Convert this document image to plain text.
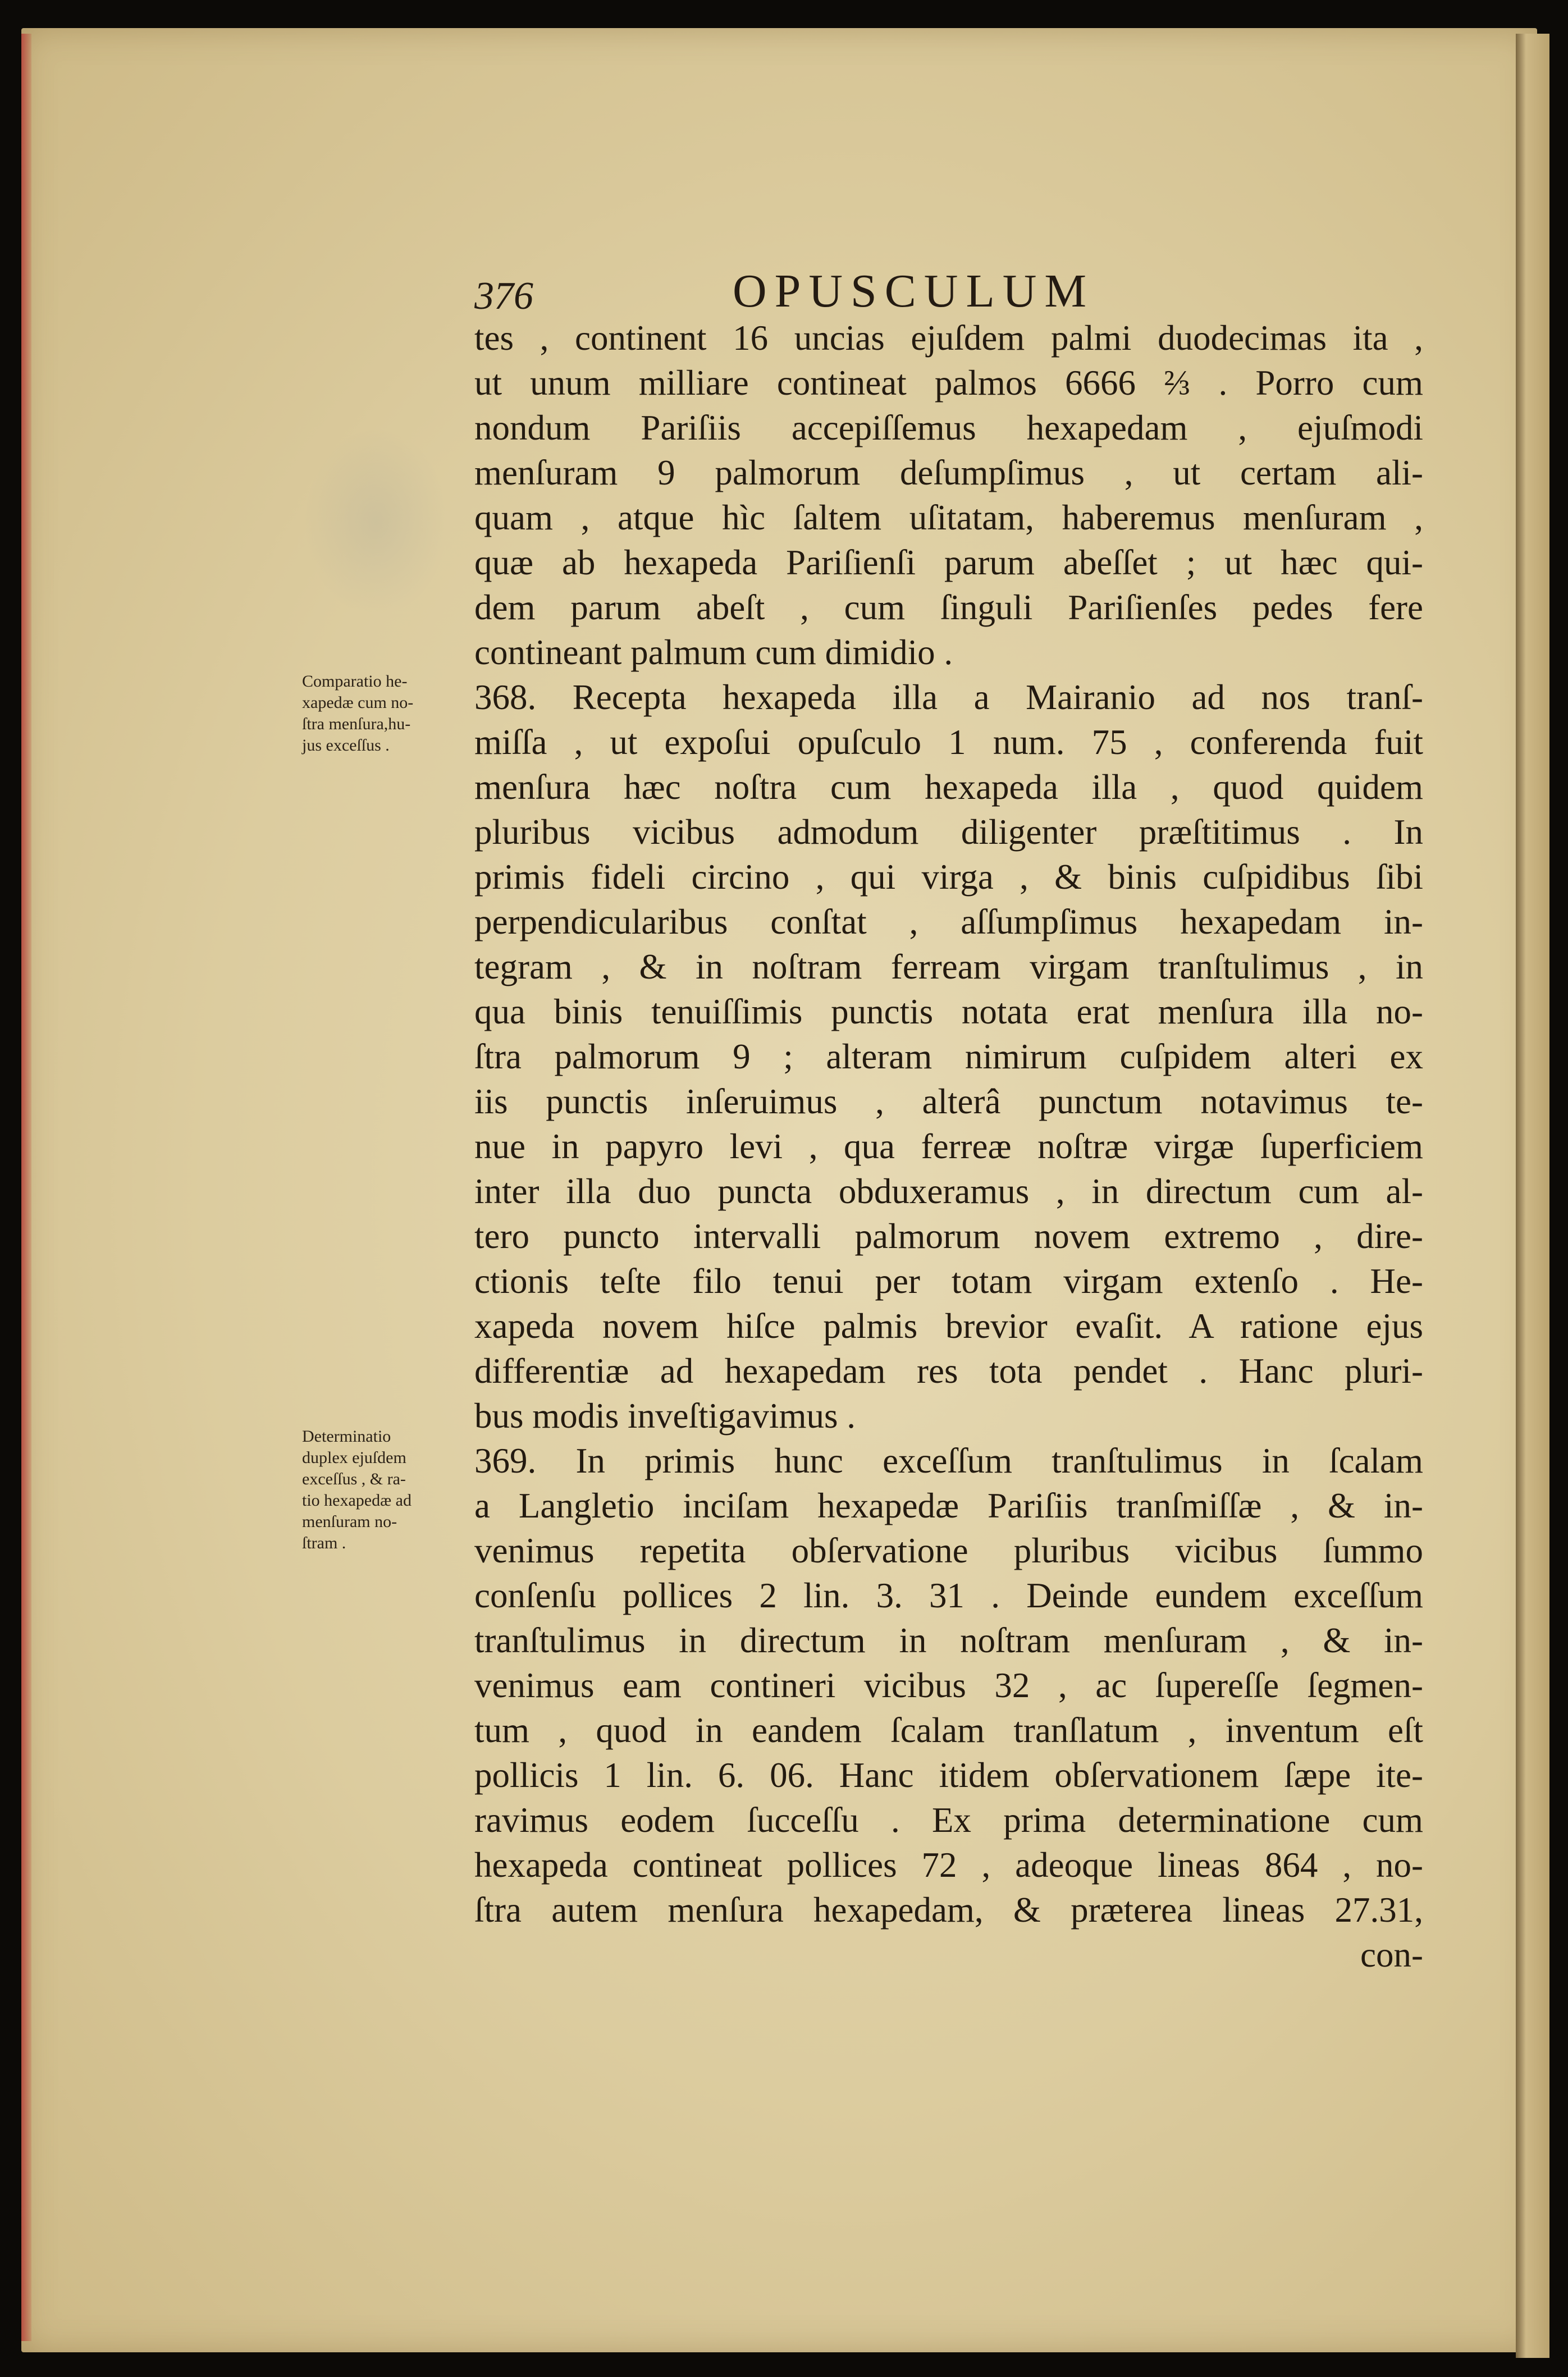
376	OPUSCULUM
tes , continent 16 uncias ejuſdem palmi duodecimas ita ,
ut unum milliare contineat palmos 6666 ⅔ . Porro cum
nondum Pariſiis accepiſſemus hexapedam , ejuſmodi
menſuram 9 palmorum deſumpſimus , ut certam ali-
quam , atque hìc ſaltem uſitatam, haberemus menſuram ,
quæ ab hexapeda Pariſienſi parum abeſſet ; ut hæc qui-
dem parum abeſt , cum ſinguli Pariſienſes pedes fere
contineant palmum cum dimidio .
368. Recepta hexapeda illa a Mairanio ad nos tranſ-
miſſa , ut expoſui opuſculo 1 num. 75 , conferenda fuit
menſura hæc noſtra cum hexapeda illa , quod quidem
pluribus vicibus admodum diligenter præſtitimus . In
primis fideli circino , qui virga , & binis cuſpidibus ſibi
perpendicularibus conſtat , aſſumpſimus hexapedam in-
tegram , & in noſtram ferream virgam tranſtulimus , in
qua binis tenuiſſimis punctis notata erat menſura illa no-
ſtra palmorum 9 ; alteram nimirum cuſpidem alteri ex
iis punctis inſeruimus , alterâ punctum notavimus te-
nue in papyro levi , qua ferreæ noſtræ virgæ ſuperficiem
inter illa duo puncta obduxeramus , in directum cum al-
tero puncto intervalli palmorum novem extremo , dire-
ctionis teſte filo tenui per totam virgam extenſo . He-
xapeda novem hiſce palmis brevior evaſit. A ratione ejus
differentiæ ad hexapedam res tota pendet . Hanc pluri-
bus modis inveſtigavimus .
369. In primis hunc exceſſum tranſtulimus in ſcalam
a Langletio inciſam hexapedæ Pariſiis tranſmiſſæ , & in-
venimus repetita obſervatione pluribus vicibus ſummo
conſenſu pollices 2 lin. 3. 31 . Deinde eundem exceſſum
tranſtulimus in directum in noſtram menſuram , & in-
venimus eam contineri vicibus 32 , ac ſupereſſe ſegmen-
tum , quod in eandem ſcalam tranſlatum , inventum eſt
pollicis 1 lin. 6. 06. Hanc itidem obſervationem ſæpe ite-
ravimus eodem ſucceſſu . Ex prima determinatione cum
hexapeda contineat pollices 72 , adeoque lineas 864 , no-
ſtra autem menſura hexapedam, & præterea lineas 27.31,
con-
Comparatio he-
xapedæ cum no-
ſtra menſura,hu-
jus exceſſus .
Determinatio
duplex ejuſdem
exceſſus , & ra-
tio hexapedæ ad
menſuram no-
ſtram .
